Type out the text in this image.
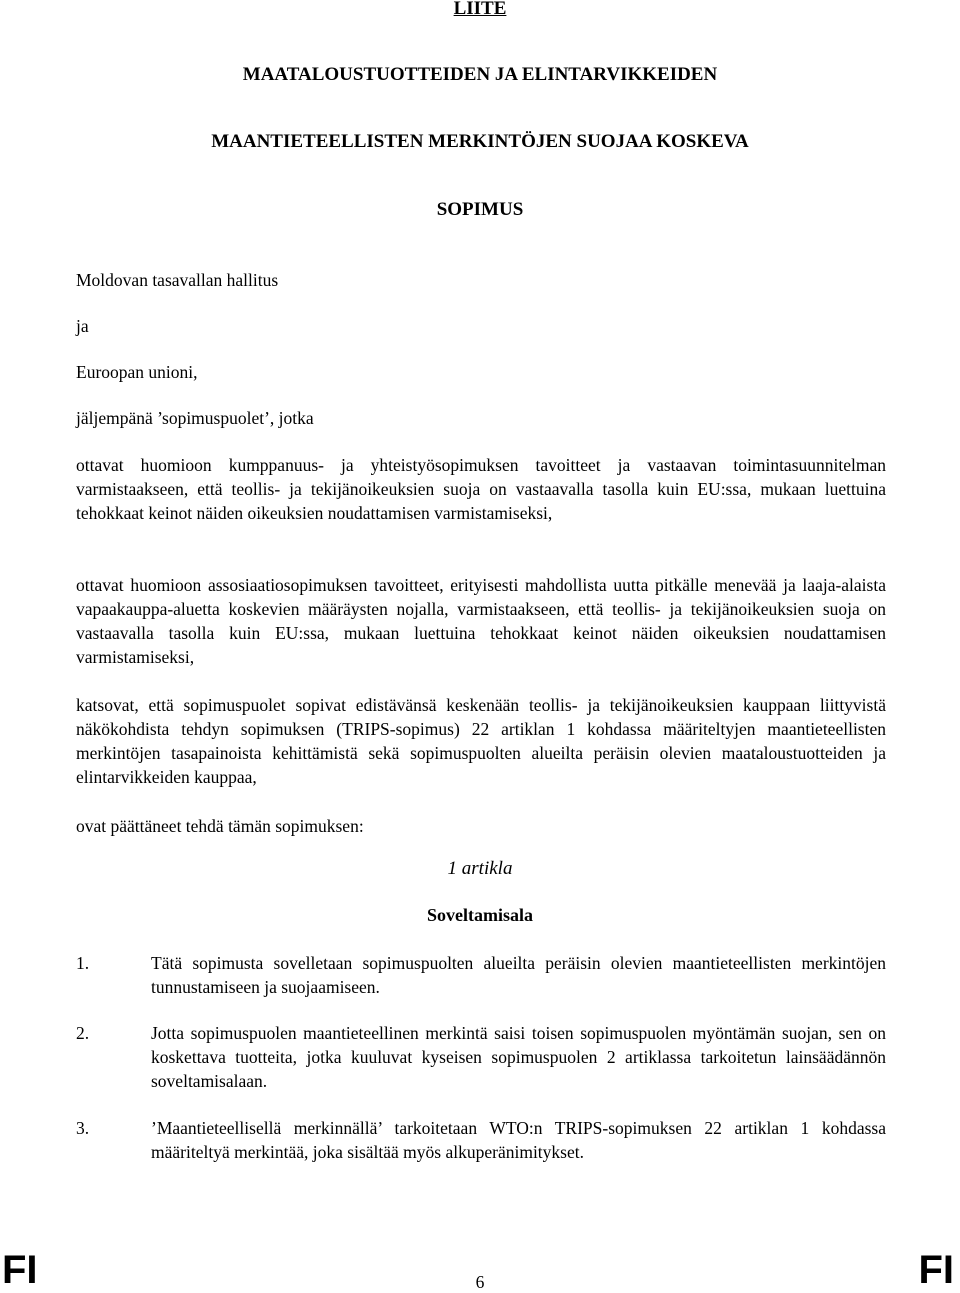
LIITE
MAATALOUSTUOTTEIDEN JA ELINTARVIKKEIDEN
MAANTIETEELLISTEN MERKINTÖJEN SUOJAA KOSKEVA
SOPIMUS
Moldovan tasavallan hallitus
ja
Euroopan unioni,
jäljempänä ’sopimuspuolet’, jotka
ottavat huomioon kumppanuus- ja yhteistyösopimuksen tavoitteet ja vastaavan toimintasuunnitelman varmistaakseen, että teollis- ja tekijänoikeuksien suoja on vastaavalla tasolla kuin EU:ssa, mukaan luettuina tehokkaat keinot näiden oikeuksien noudattamisen varmistamiseksi,
ottavat huomioon assosiaatiosopimuksen tavoitteet, erityisesti mahdollista uutta pitkälle menevää ja laaja-alaista vapaakauppa-aluetta koskevien määräysten nojalla, varmistaakseen, että teollis- ja tekijänoikeuksien suoja on vastaavalla tasolla kuin EU:ssa, mukaan luettuina tehokkaat keinot näiden oikeuksien noudattamisen varmistamiseksi,
katsovat, että sopimuspuolet sopivat edistävänsä keskenään teollis- ja tekijänoikeuksien kauppaan liittyvistä näkökohdista tehdyn sopimuksen (TRIPS-sopimus) 22 artiklan 1 kohdassa määriteltyjen maantieteellisten merkintöjen tasapainoista kehittämistä sekä sopimuspuolten alueilta peräisin olevien maataloustuotteiden ja elintarvikkeiden kauppaa,
ovat päättäneet tehdä tämän sopimuksen:
1 artikla
Soveltamisala
1.	Tätä sopimusta sovelletaan sopimuspuolten alueilta peräisin olevien maantieteellisten merkintöjen tunnustamiseen ja suojaamiseen.
2.	Jotta sopimuspuolen maantieteellinen merkintä saisi toisen sopimuspuolen myöntämän suojan, sen on koskettava tuotteita, jotka kuuluvat kyseisen sopimuspuolen 2 artiklassa tarkoitetun lainsäädännön soveltamisalaan.
3.	’Maantieteellisellä merkinnällä’ tarkoitetaan WTO:n TRIPS-sopimuksen 22 artiklan 1 kohdassa määriteltyä merkintää, joka sisältää myös alkuperänimitykset.
FI	6	FI
